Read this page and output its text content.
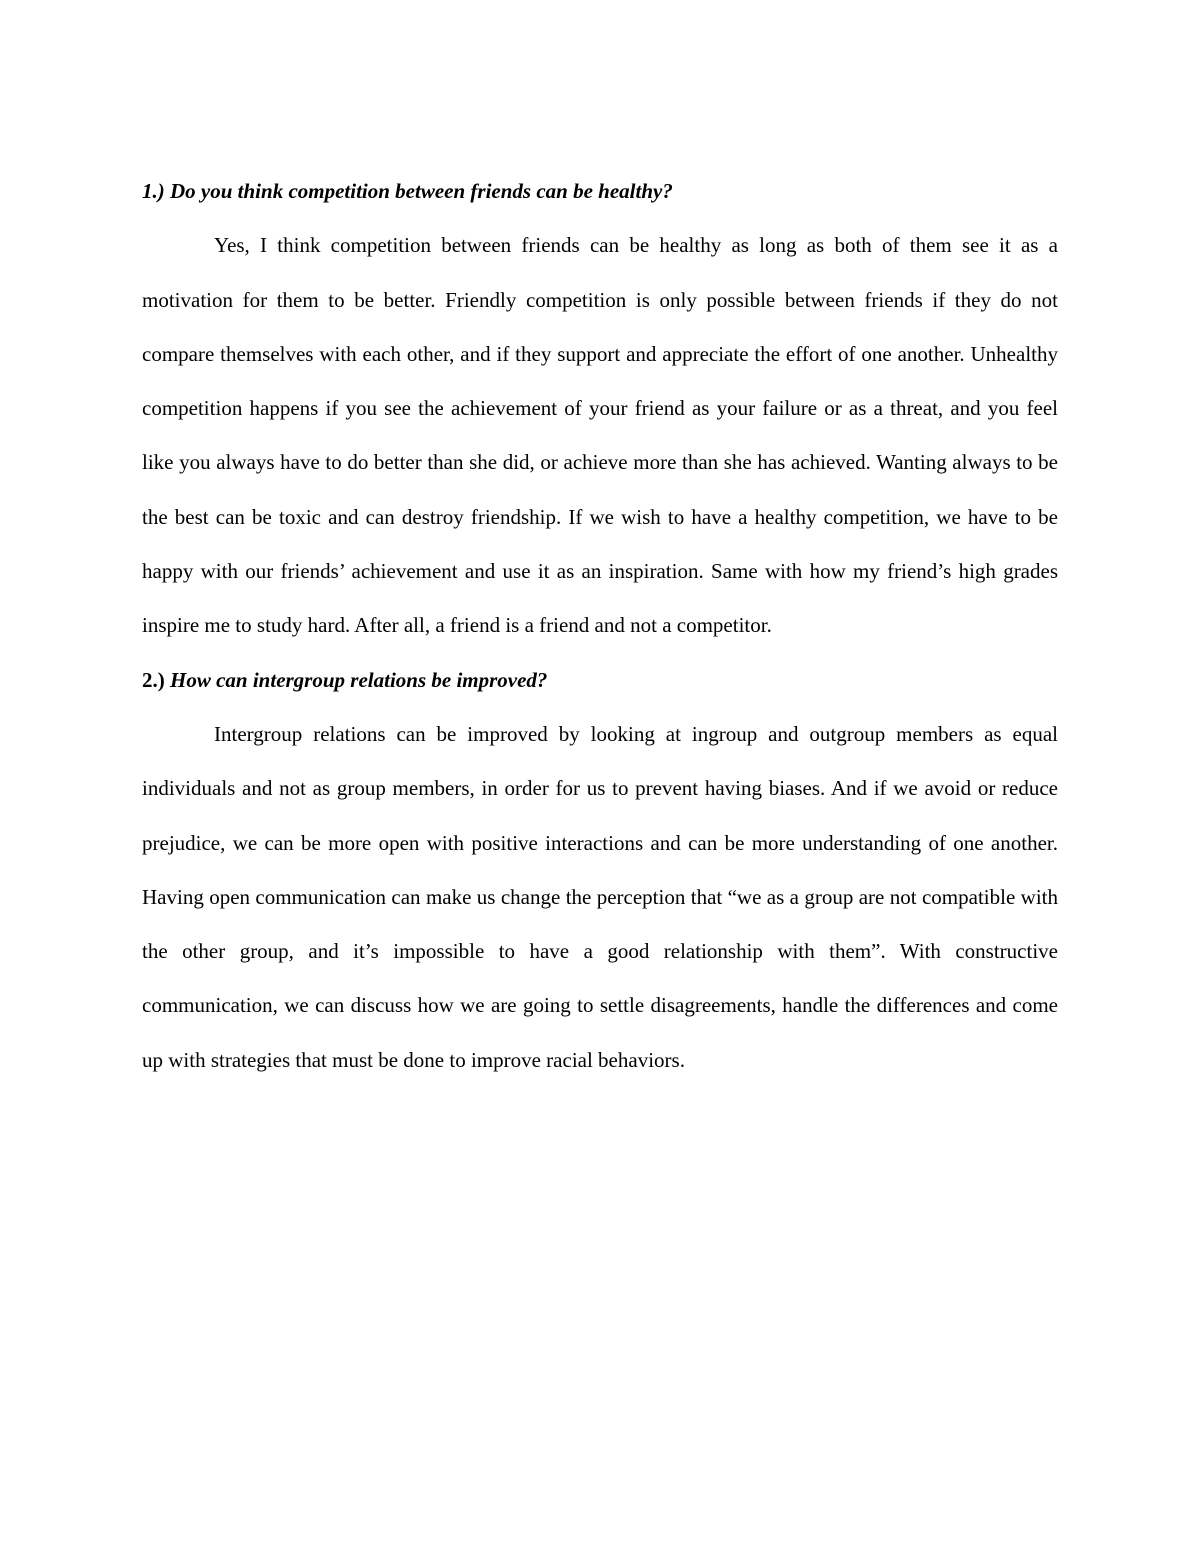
1.) Do you think competition between friends can be healthy?

Yes, I think competition between friends can be healthy as long as both of them see it as a motivation for them to be better. Friendly competition is only possible between friends if they do not compare themselves with each other, and if they support and appreciate the effort of one another. Unhealthy competition happens if you see the achievement of your friend as your failure or as a threat, and you feel like you always have to do better than she did, or achieve more than she has achieved. Wanting always to be the best can be toxic and can destroy friendship. If we wish to have a healthy competition, we have to be happy with our friends’ achievement and use it as an inspiration. Same with how my friend’s high grades inspire me to study hard. After all, a friend is a friend and not a competitor.

2.) How can intergroup relations be improved?

Intergroup relations can be improved by looking at ingroup and outgroup members as equal individuals and not as group members, in order for us to prevent having biases. And if we avoid or reduce prejudice, we can be more open with positive interactions and can be more understanding of one another. Having open communication can make us change the perception that “we as a group are not compatible with the other group, and it’s impossible to have a good relationship with them”. With constructive communication, we can discuss how we are going to settle disagreements, handle the differences and come up with strategies that must be done to improve racial behaviors.
